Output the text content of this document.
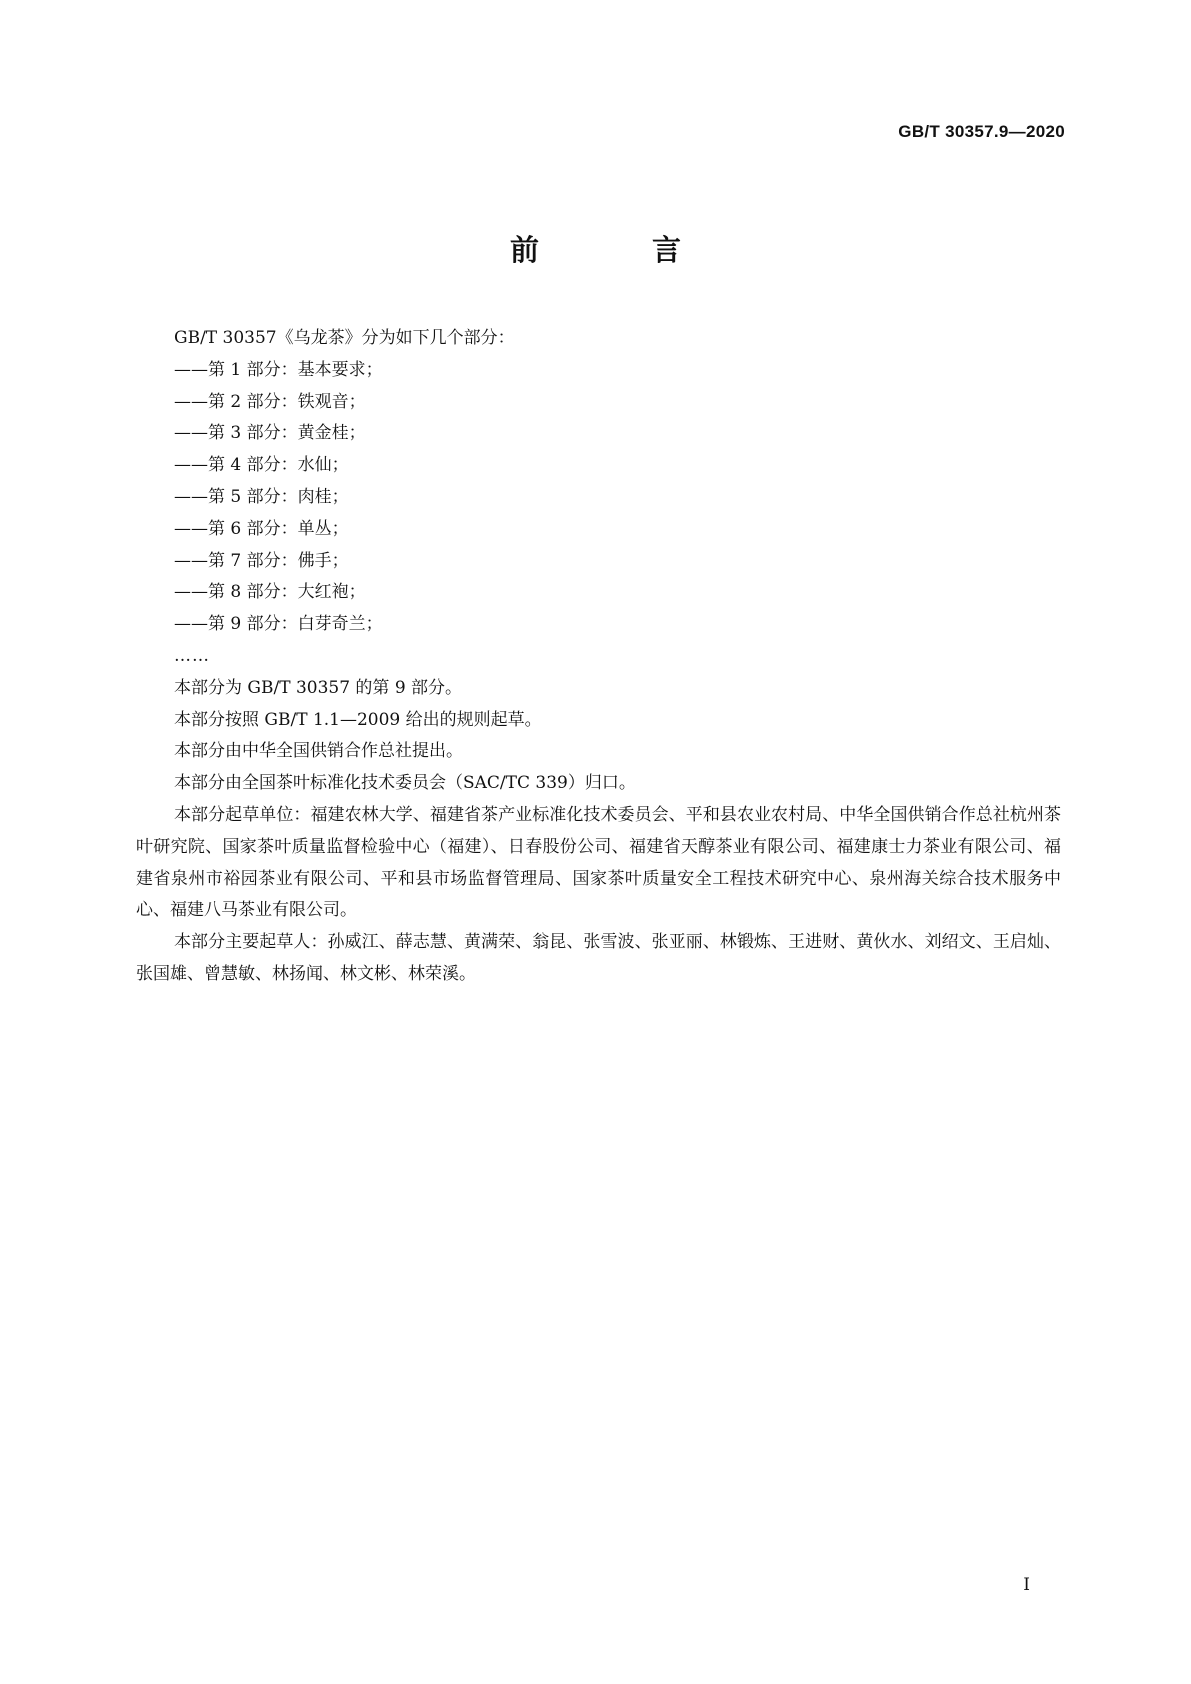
GB/T 30357.9—2020
前　言
GB/T 30357《乌龙茶》分为如下几个部分：
——第 1 部分：基本要求；
——第 2 部分：铁观音；
——第 3 部分：黄金桂；
——第 4 部分：水仙；
——第 5 部分：肉桂；
——第 6 部分：单丛；
——第 7 部分：佛手；
——第 8 部分：大红袍；
——第 9 部分：白芽奇兰；
……
本部分为 GB/T 30357 的第 9 部分。
本部分按照 GB/T 1.1—2009 给出的规则起草。
本部分由中华全国供销合作总社提出。
本部分由全国茶叶标准化技术委员会（SAC/TC 339）归口。
本部分起草单位：福建农林大学、福建省茶产业标准化技术委员会、平和县农业农村局、中华全国供销合作总社杭州茶叶研究院、国家茶叶质量监督检验中心（福建）、日春股份公司、福建省天醇茶业有限公司、福建康士力茶业有限公司、福建省泉州市裕园茶业有限公司、平和县市场监督管理局、国家茶叶质量安全工程技术研究中心、泉州海关综合技术服务中心、福建八马茶业有限公司。
本部分主要起草人：孙威江、薛志慧、黄满荣、翁昆、张雪波、张亚丽、林锻炼、王进财、黄伙水、刘绍文、王启灿、张国雄、曾慧敏、林扬闻、林文彬、林荣溪。
I
